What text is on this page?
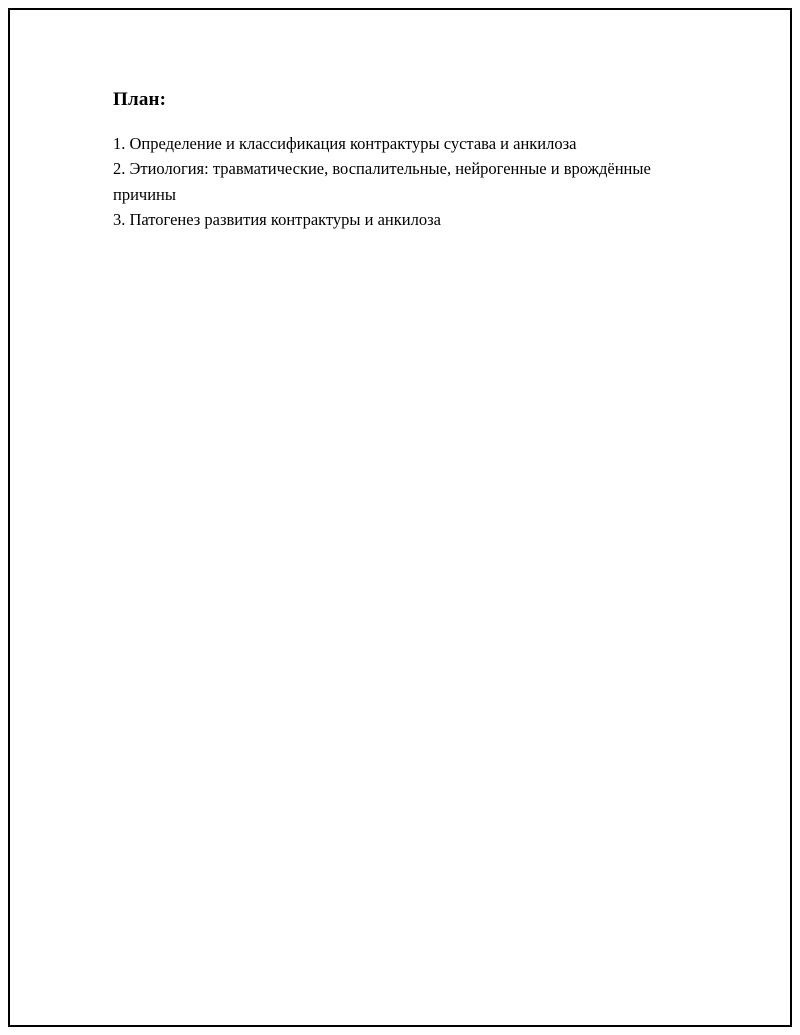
План:

1. Определение и классификация контрактуры сустава и анкилоза

2. Этиология: травматические, воспалительные, нейрогенные и врождённые причины

3. Патогенез развития контрактуры и анкилоза
